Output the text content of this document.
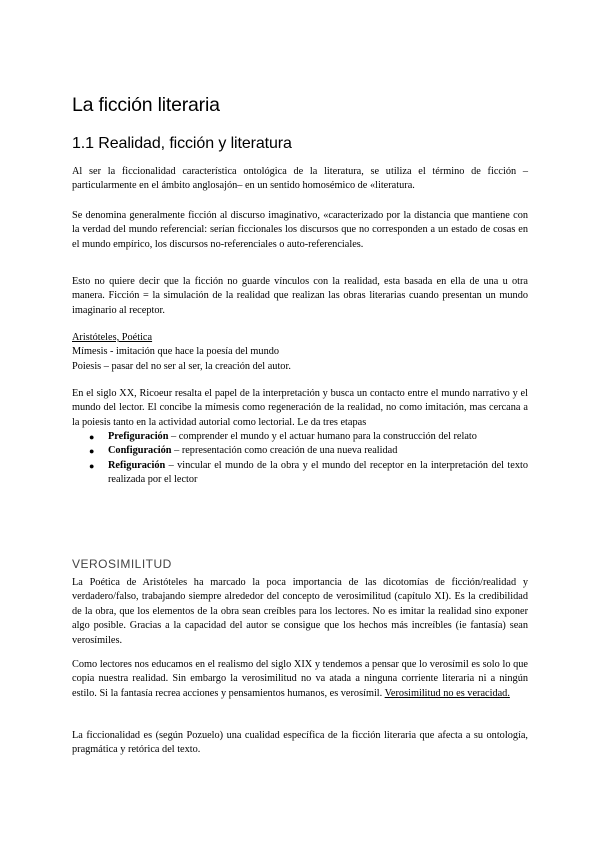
La ficción literaria
1.1 Realidad, ficción y literatura

Al ser la ficcionalidad característica ontológica de la literatura, se utiliza el término de ficción –particularmente en el ámbito anglosajón– en un sentido homosémico de «literatura.

Se denomina generalmente ficción al discurso imaginativo, «caracterizado por la distancia que mantiene con la verdad del mundo referencial: serían ficcionales los discursos que no corresponden a un estado de cosas en el mundo empírico, los discursos no-referenciales o auto-referenciales.

Esto no quiere decir que la ficción no guarde vínculos con la realidad, esta basada en ella de una u otra manera. Ficción = la simulación de la realidad que realizan las obras literarias cuando presentan un mundo imaginario al receptor.

Aristóteles, Poética
Mímesis - imitación que hace la poesía del mundo
Poiesis – pasar del no ser al ser, la creación del autor.

En el siglo XX, Ricoeur resalta el papel de la interpretación y busca un contacto entre el mundo narrativo y el mundo del lector. El concibe la mímesis como regeneración de la realidad, no como imitación, mas cercana a la poiesis tanto en la actividad autorial como lectorial. Le da tres etapas

● Prefiguración – comprender el mundo y el actuar humano para la construcción del relato
● Configuración – representación como creación de una nueva realidad
● Refiguración – vincular el mundo de la obra y el mundo del receptor en la interpretación del texto realizada por el lector
VEROSIMILITUD

La Poética de Aristóteles ha marcado la poca importancia de las dicotomías de ficción/realidad y verdadero/falso, trabajando siempre alrededor del concepto de verosimilitud (capítulo XI). Es la credibilidad de la obra, que los elementos de la obra sean creíbles para los lectores. No es imitar la realidad sino exponer algo posible. Gracias a la capacidad del autor se consigue que los hechos más increíbles (ie fantasía) sean verosímiles.

Como lectores nos educamos en el realismo del siglo XIX y tendemos a pensar que lo verosímil es solo lo que copia nuestra realidad. Sin embargo la verosimilitud no va atada a ninguna corriente literaria ni a ningún estilo. Si la fantasía recrea acciones y pensamientos humanos, es verosímil. Verosimilitud no es veracidad.

La ficcionalidad es (según Pozuelo) una cualidad específica de la ficción literaria que afecta a su ontología, pragmática y retórica del texto.
